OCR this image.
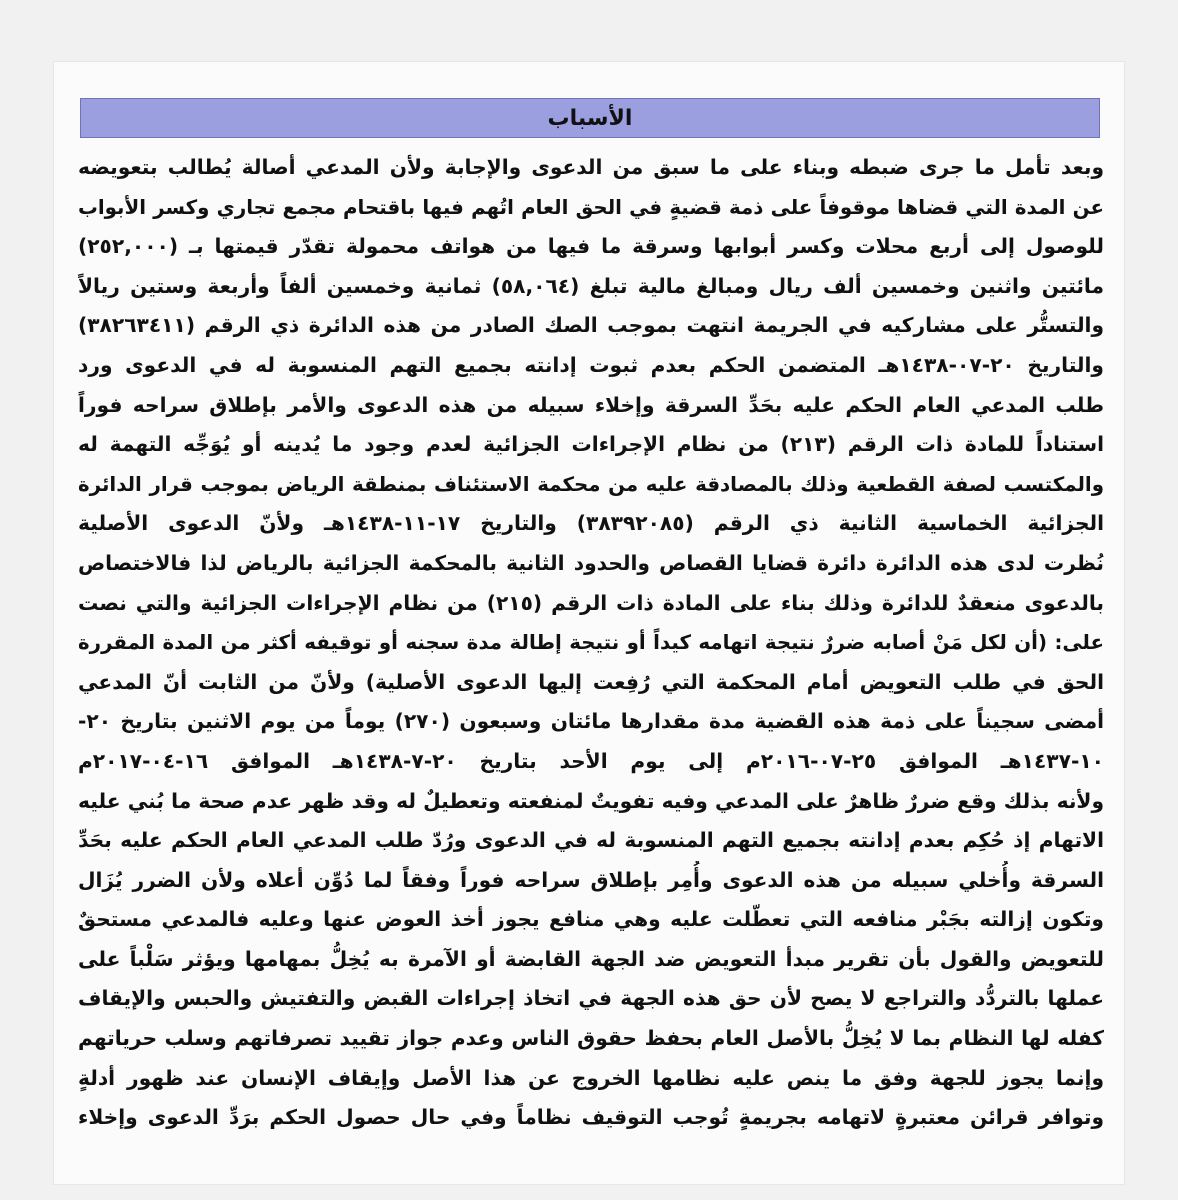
الأسباب
وبعد تأمل ما جرى ضبطه وبناء على ما سبق من الدعوى والإجابة ولأن المدعي أصالة يُطالب بتعويضه
عن المدة التي قضاها موقوفاً على ذمة قضيةٍ في الحق العام اتُهم فيها باقتحام مجمع تجاري وكسر الأبواب
للوصول إلى أربع محلات وكسر أبوابها وسرقة ما فيها من هواتف محمولة تقدّر قيمتها بـ (٢٥٢,٠٠٠)
مائتين واثنين وخمسين ألف ريال ومبالغ مالية تبلغ (٥٨,٠٦٤) ثمانية وخمسين ألفاً وأربعة وستين ريالاً
والتستُّر على مشاركيه في الجريمة انتهت بموجب الصك الصادر من هذه الدائرة ذي الرقم (٣٨٢٦٣٤١١)
والتاريخ ٢٠-٠٧-١٤٣٨هـ المتضمن الحكم بعدم ثبوت إدانته بجميع التهم المنسوبة له في الدعوى ورد
طلب المدعي العام الحكم عليه بحَدِّ السرقة وإخلاء سبيله من هذه الدعوى والأمر بإطلاق سراحه فوراً
استناداً للمادة ذات الرقم (٢١٣) من نظام الإجراءات الجزائية لعدم وجود ما يُدينه أو يُوَجِّه التهمة له
والمكتسب لصفة القطعية وذلك بالمصادقة عليه من محكمة الاستئناف بمنطقة الرياض بموجب قرار الدائرة
الجزائية الخماسية الثانية ذي الرقم (٣٨٣٩٢٠٨٥) والتاريخ ١٧-١١-١٤٣٨هـ ولأنّ الدعوى الأصلية
نُظرت لدى هذه الدائرة دائرة قضايا القصاص والحدود الثانية بالمحكمة الجزائية بالرياض لذا فالاختصاص
بالدعوى منعقدٌ للدائرة وذلك بناء على المادة ذات الرقم (٢١٥) من نظام الإجراءات الجزائية والتي نصت
على: (أن لكل مَنْ أصابه ضررٌ نتيجة اتهامه كيداً أو نتيجة إطالة مدة سجنه أو توقيفه أكثر من المدة المقررة
الحق في طلب التعويض أمام المحكمة التي رُفِعت إليها الدعوى الأصلية) ولأنّ من الثابت أنّ المدعي
أمضى سجيناً على ذمة هذه القضية مدة مقدارها مائتان وسبعون (٢٧٠) يوماً من يوم الاثنين بتاريخ ٢٠-
١٠-١٤٣٧هـ الموافق ٢٥-٠٧-٢٠١٦م إلى يوم الأحد بتاريخ ٢٠-٧-١٤٣٨هـ الموافق ١٦-٠٤-٢٠١٧م
ولأنه بذلك وقع ضررٌ ظاهرٌ على المدعي وفيه تفويتٌ لمنفعته وتعطيلٌ له وقد ظهر عدم صحة ما بُني عليه
الاتهام إذ حُكِم بعدم إدانته بجميع التهم المنسوبة له في الدعوى ورُدّ طلب المدعي العام الحكم عليه بحَدِّ
السرقة وأُخلي سبيله من هذه الدعوى وأُمِر بإطلاق سراحه فوراً وفقاً لما دُوِّن أعلاه ولأن الضرر يُزَال
وتكون إزالته بجَبْر منافعه التي تعطّلت عليه وهي منافع يجوز أخذ العوض عنها وعليه فالمدعي مستحقٌ
للتعويض والقول بأن تقرير مبدأ التعويض ضد الجهة القابضة أو الآمرة به يُخِلُّ بمهامها ويؤثر سَلْباً على
عملها بالتردُّد والتراجع لا يصح لأن حق هذه الجهة في اتخاذ إجراءات القبض والتفتيش والحبس والإيقاف
كفله لها النظام بما لا يُخِلُّ بالأصل العام بحفظ حقوق الناس وعدم جواز تقييد تصرفاتهم وسلب حرياتهم
وإنما يجوز للجهة وفق ما ينص عليه نظامها الخروج عن هذا الأصل وإيقاف الإنسان عند ظهور أدلةٍ
وتوافر قرائن معتبرةٍ لاتهامه بجريمةٍ تُوجب التوقيف نظاماً وفي حال حصول الحكم برَدِّ الدعوى وإخلاء
